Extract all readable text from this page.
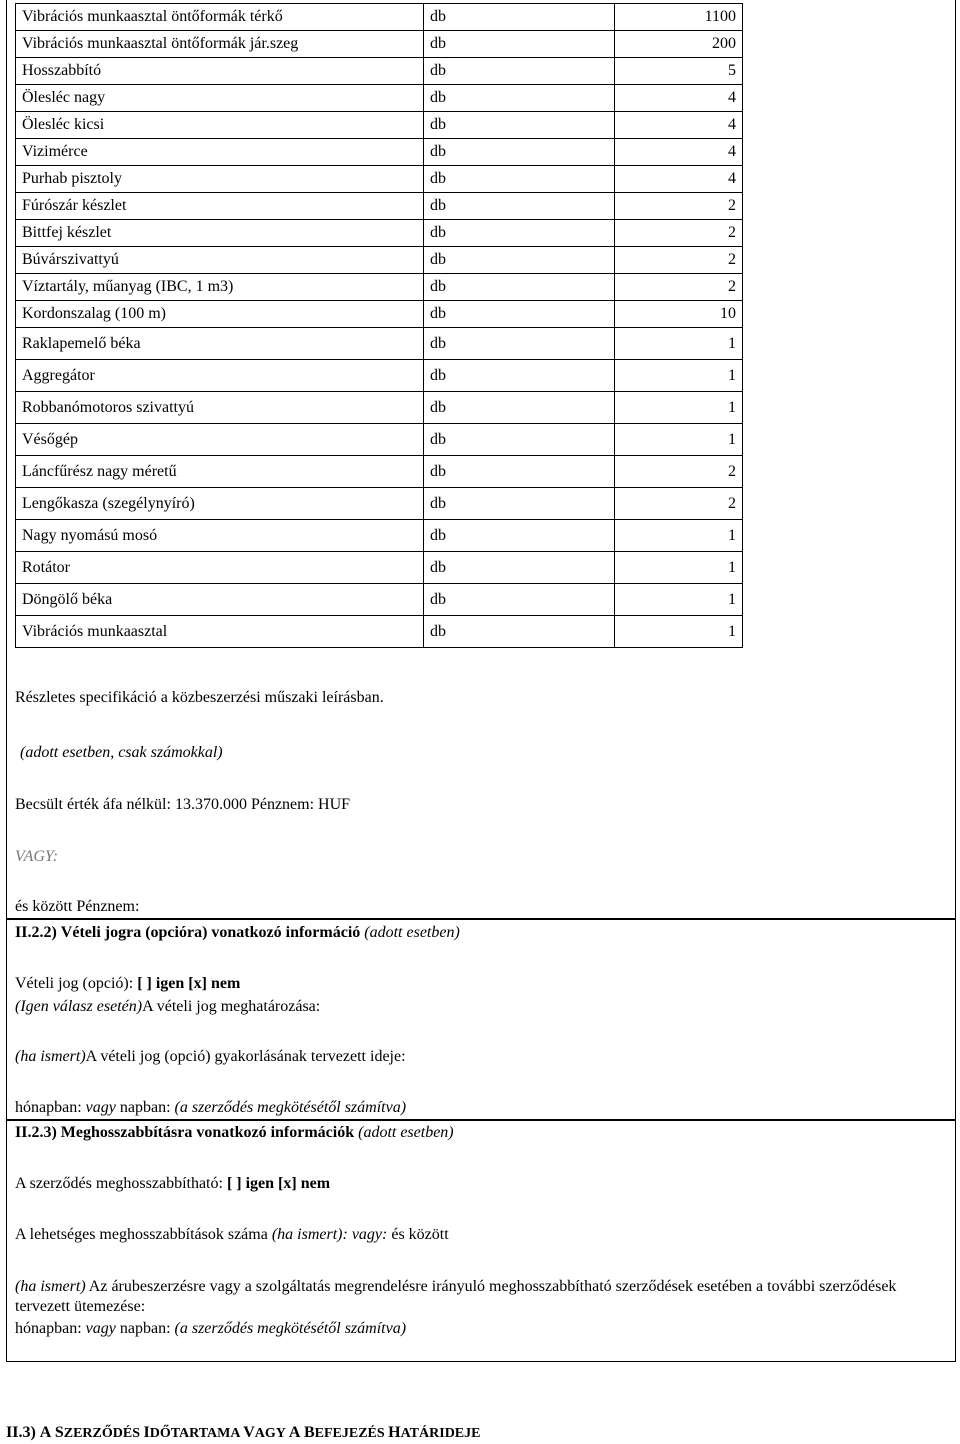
Vibrációs munkaasztal öntőformák térkő	db	1100
Vibrációs munkaasztal öntőformák jár.szeg	db	200
Hosszabbító	db	5
Ölesléc nagy	db	4
Ölesléc kicsi	db	4
Vizimérce	db	4
Purhab pisztoly	db	4
Fúrószár készlet	db	2
Bittfej készlet	db	2
Búvárszivattyú	db	2
Víztartály, műanyag (IBC, 1 m3)	db	2
Kordonszalag (100 m)	db	10
Raklapemelő béka	db	1
Aggregátor	db	1
Robbanómotoros szivattyú	db	1
Vésőgép	db	1
Láncfűrész nagy méretű	db	2
Lengőkasza (szegélynyíró)	db	2
Nagy nyomású mosó	db	1
Rotátor	db	1
Döngölő béka	db	1
Vibrációs munkaasztal	db	1
Részletes specifikáció a közbeszerzési műszaki leírásban.
(adott esetben, csak számokkal)
Becsült érték áfa nélkül: 13.370.000 Pénznem: HUF
VAGY:
és között Pénznem:
II.2.2) Vételi jogra (opcióra) vonatkozó információ (adott esetben)
Vételi jog (opció): [ ] igen [x] nem
(Igen válasz esetén)A vételi jog meghatározása:
(ha ismert)A vételi jog (opció) gyakorlásának tervezett ideje:
hónapban: vagy napban: (a szerződés megkötésétől számítva)
II.2.3) Meghosszabbításra vonatkozó információk (adott esetben)
A szerződés meghosszabbítható: [ ] igen [x] nem
A lehetséges meghosszabbítások száma (ha ismert): vagy: és között
(ha ismert) Az árubeszerzésre vagy a szolgáltatás megrendelésre irányuló meghosszabbítható szerződések esetében a további szerződések tervezett ütemezése:
hónapban: vagy napban: (a szerződés megkötésétől számítva)
II.3) A SZERZŐDÉS IDŐTARTAMA VAGY A BEFEJEZÉS HATÁRIDEJE
